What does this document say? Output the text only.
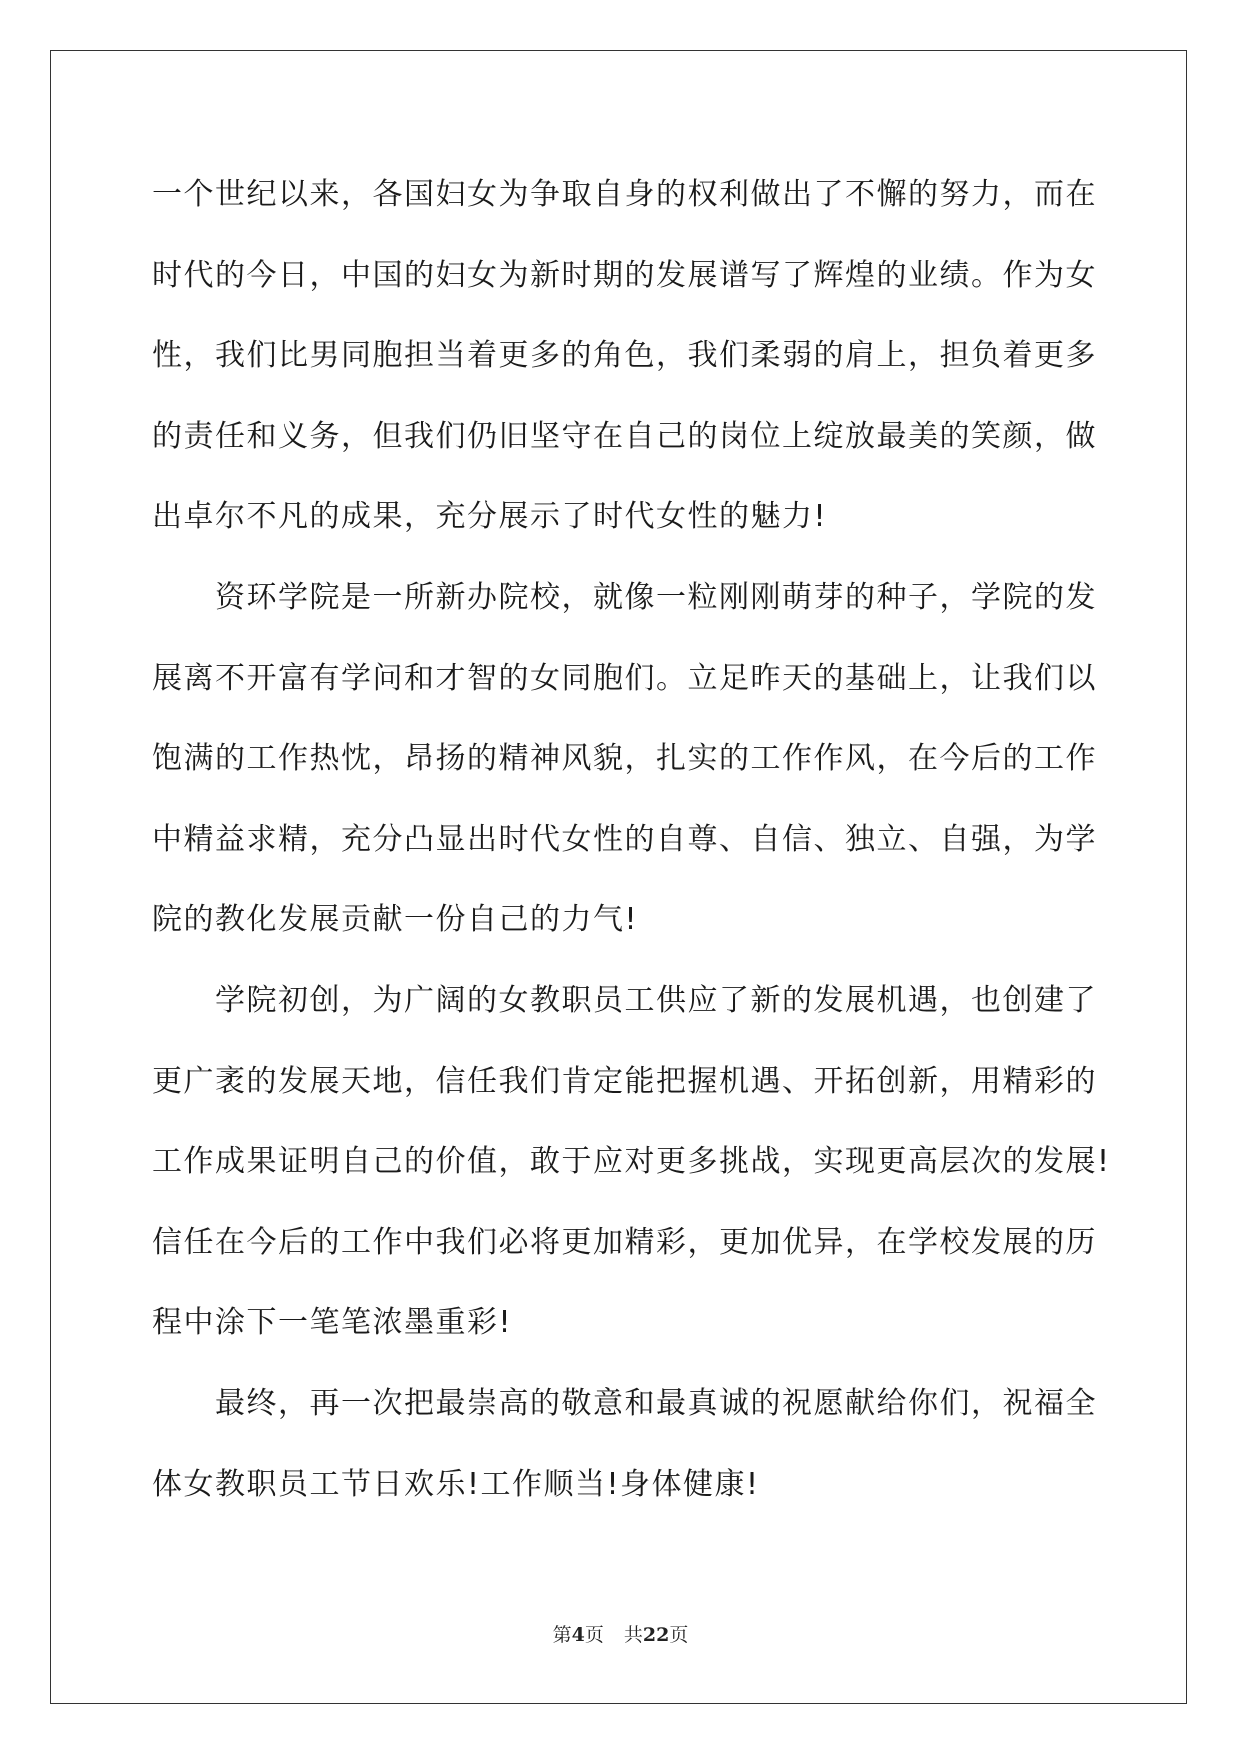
一个世纪以来，各国妇女为争取自身的权利做出了不懈的努力，而在
时代的今日，中国的妇女为新时期的发展谱写了辉煌的业绩。作为女
性，我们比男同胞担当着更多的角色，我们柔弱的肩上，担负着更多
的责任和义务，但我们仍旧坚守在自己的岗位上绽放最美的笑颜，做
出卓尔不凡的成果，充分展示了时代女性的魅力!
资环学院是一所新办院校，就像一粒刚刚萌芽的种子，学院的发
展离不开富有学问和才智的女同胞们。立足昨天的基础上，让我们以
饱满的工作热忱，昂扬的精神风貌，扎实的工作作风，在今后的工作
中精益求精，充分凸显出时代女性的自尊、自信、独立、自强，为学
院的教化发展贡献一份自己的力气!
学院初创，为广阔的女教职员工供应了新的发展机遇，也创建了
更广袤的发展天地，信任我们肯定能把握机遇、开拓创新，用精彩的
工作成果证明自己的价值，敢于应对更多挑战，实现更高层次的发展!
信任在今后的工作中我们必将更加精彩，更加优异，在学校发展的历
程中涂下一笔笔浓墨重彩!
最终，再一次把最崇高的敬意和最真诚的祝愿献给你们，祝福全
体女教职员工节日欢乐!工作顺当!身体健康!
第4页 共22页
